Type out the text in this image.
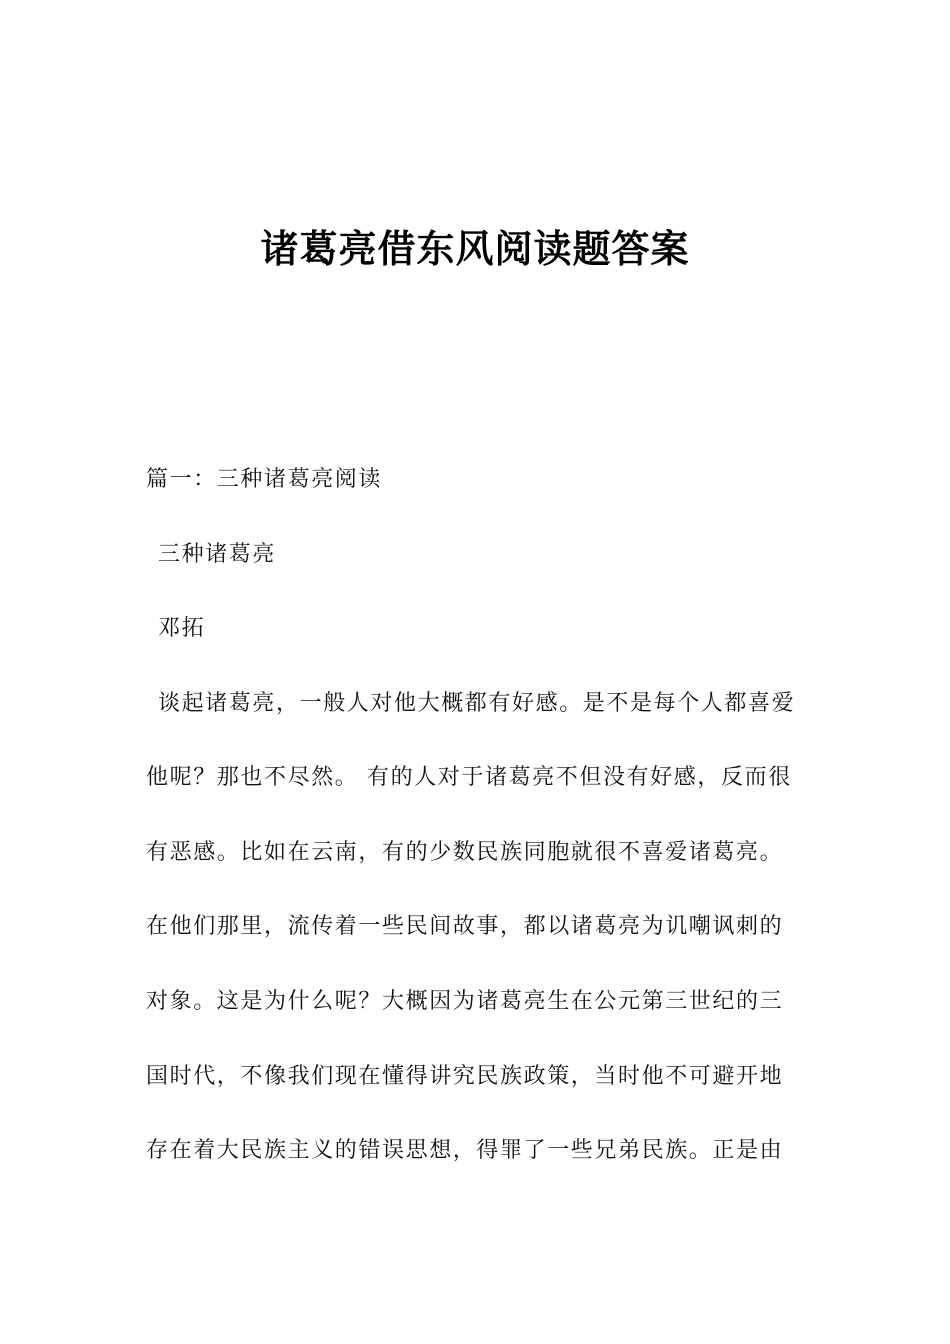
诸葛亮借东风阅读题答案
篇一：三种诸葛亮阅读
三种诸葛亮
邓拓
谈起诸葛亮，一般人对他大概都有好感。是不是每个人都喜爱
他呢？那也不尽然。 有的人对于诸葛亮不但没有好感，反而很
有恶感。比如在云南，有的少数民族同胞就很不喜爱诸葛亮。
在他们那里，流传着一些民间故事，都以诸葛亮为讥嘲讽刺的
对象。这是为什么呢？大概因为诸葛亮生在公元第三世纪的三
国时代，不像我们现在懂得讲究民族政策，当时他不可避开地
存在着大民族主义的错误思想，得罪了一些兄弟民族。正是由
